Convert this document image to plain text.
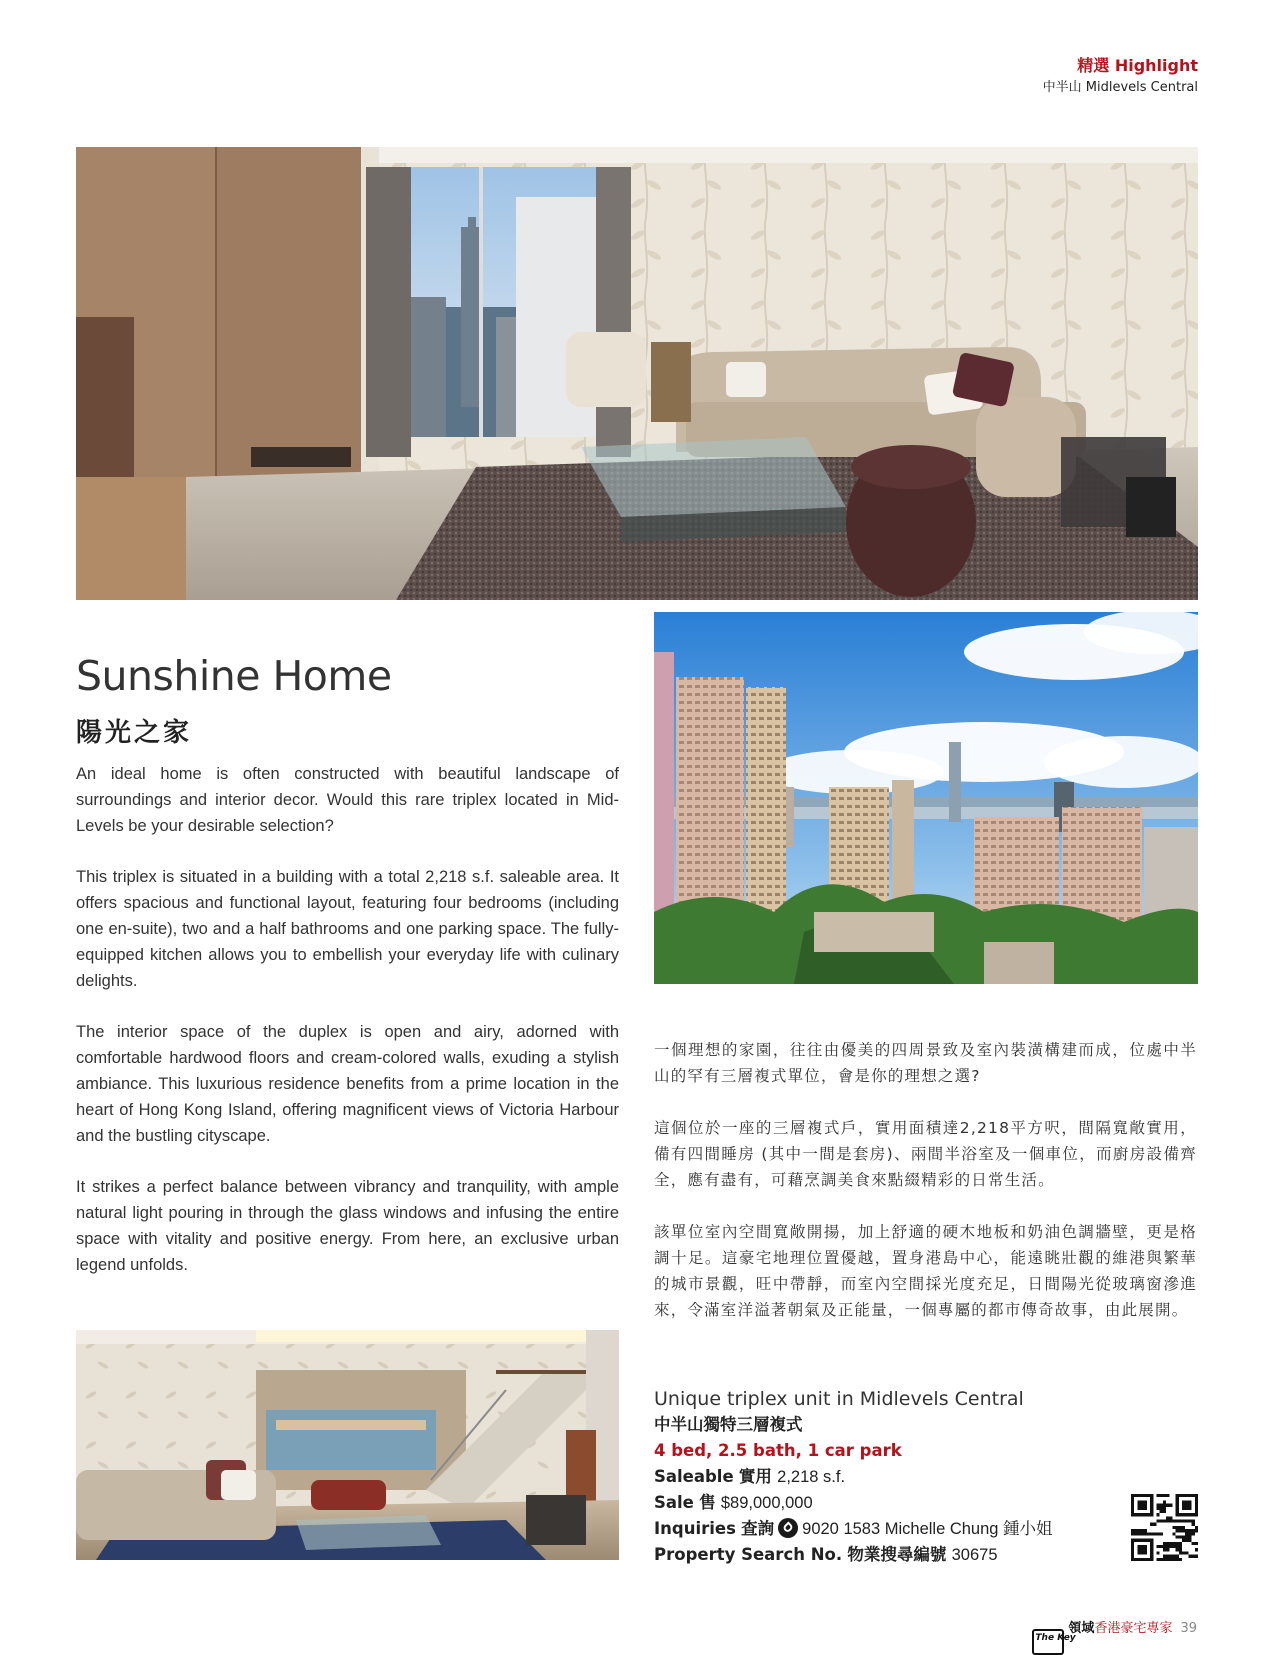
精選 Highlight
中半山 Midlevels Central
Sunshine Home
陽光之家

An ideal home is often constructed with beautiful landscape of surroundings and interior decor. Would this rare triplex located in Mid-Levels be your desirable selection?

This triplex is situated in a building with a total 2,218 s.f. saleable area. It offers spacious and functional layout, featuring four bedrooms (including one en-suite), two and a half bathrooms and one parking space. The fully-equipped kitchen allows you to embellish your everyday life with culinary delights.

The interior space of the duplex is open and airy, adorned with comfortable hardwood floors and cream-colored walls, exuding a stylish ambiance. This luxurious residence benefits from a prime location in the heart of Hong Kong Island, offering magnificent views of Victoria Harbour and the bustling cityscape.

It strikes a perfect balance between vibrancy and tranquility, with ample natural light pouring in through the glass windows and infusing the entire space with vitality and positive energy. From here, an exclusive urban legend unfolds.

一個理想的家園，往往由優美的四周景致及室內裝潢構建而成，位處中半山的罕有三層複式單位，會是你的理想之選?

這個位於一座的三層複式戶，實用面積達2,218平方呎，間隔寬敞實用，備有四間睡房 (其中一間是套房)、兩間半浴室及一個車位，而廚房設備齊全，應有盡有，可藉烹調美食來點綴精彩的日常生活。

該單位室內空間寬敞開揚，加上舒適的硬木地板和奶油色調牆壁，更是格調十足。這豪宅地理位置優越，置身港島中心，能遠眺壯觀的維港與繁華的城市景觀，旺中帶靜，而室內空間採光度充足，日間陽光從玻璃窗滲進來，令滿室洋溢著朝氣及正能量，一個專屬的都市傳奇故事，由此展開。

Unique triplex unit in Midlevels Central
中半山獨特三層複式
4 bed, 2.5 bath, 1 car park
Saleable 實用 2,218 s.f.
Sale 售 $89,000,000
Inquiries 查詢 9020 1583 Michelle Chung 鍾小姐
Property Search No. 物業搜尋編號 30675
The Key領域香港豪宅專家 39
